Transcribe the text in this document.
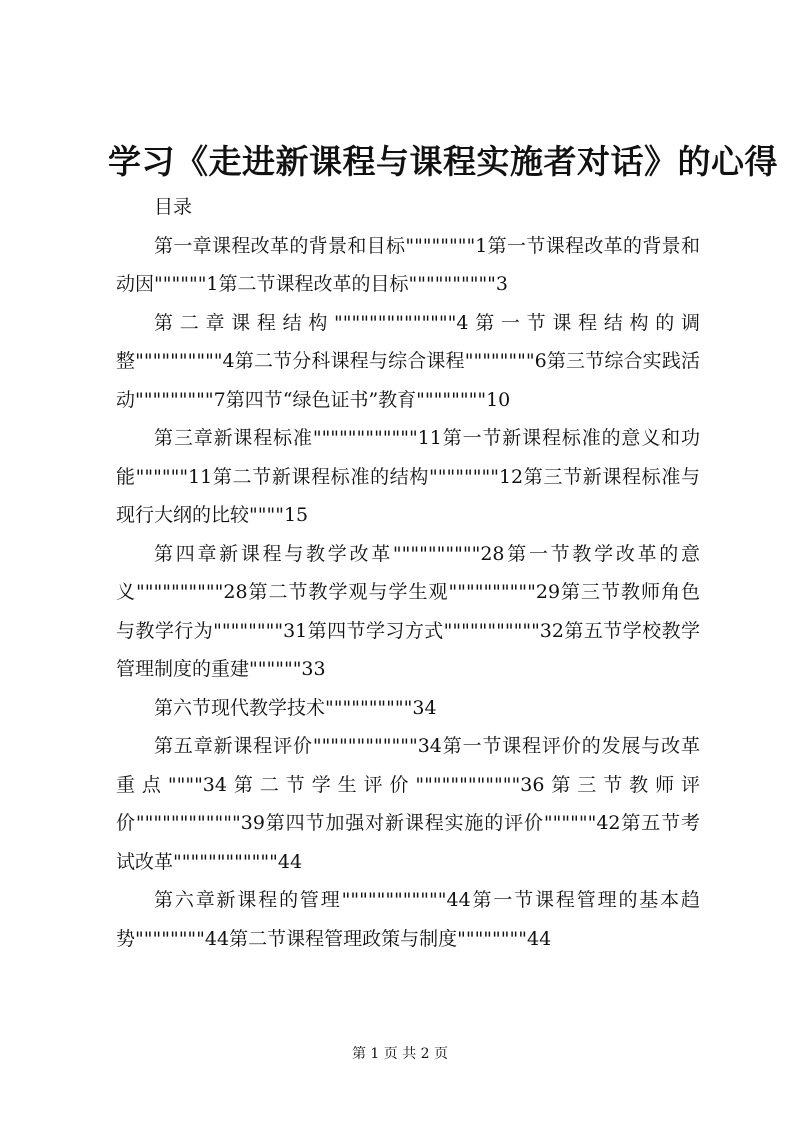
学习《走进新课程与课程实施者对话》的心得

目录

第一章课程改革的背景和目标""""""""1第一节课程改革的背景和动因""""""1第二节课程改革的目标""""""""""3

第二章课程结构""""""""""""""4第一节课程结构的调整""""""""""4第二节分科课程与综合课程""""""""6第三节综合实践活动"""""""""7第四节“绿色证书”教育""""""""10

第三章新课程标准""""""""""""11第一节新课程标准的意义和功能""""""11第二节新课程标准的结构""""""""12第三节新课程标准与现行大纲的比较""""15

第四章新课程与教学改革""""""""""28第一节教学改革的意义""""""""""28第二节教学观与学生观""""""""""29第三节教师角色与教学行为""""""""31第四节学习方式"""""""""""32第五节学校教学管理制度的重建""""""33

第六节现代教学技术""""""""""34

第五章新课程评价""""""""""""34第一节课程评价的发展与改革重点""""34第二节学生评价""""""""""""36第三节教师评价""""""""""""39第四节加强对新课程实施的评价""""""42第五节考试改革""""""""""""44

第六章新课程的管理""""""""""""44第一节课程管理的基本趋势""""""""44第二节课程管理政策与制度""""""""44

第 1 页 共 2 页
